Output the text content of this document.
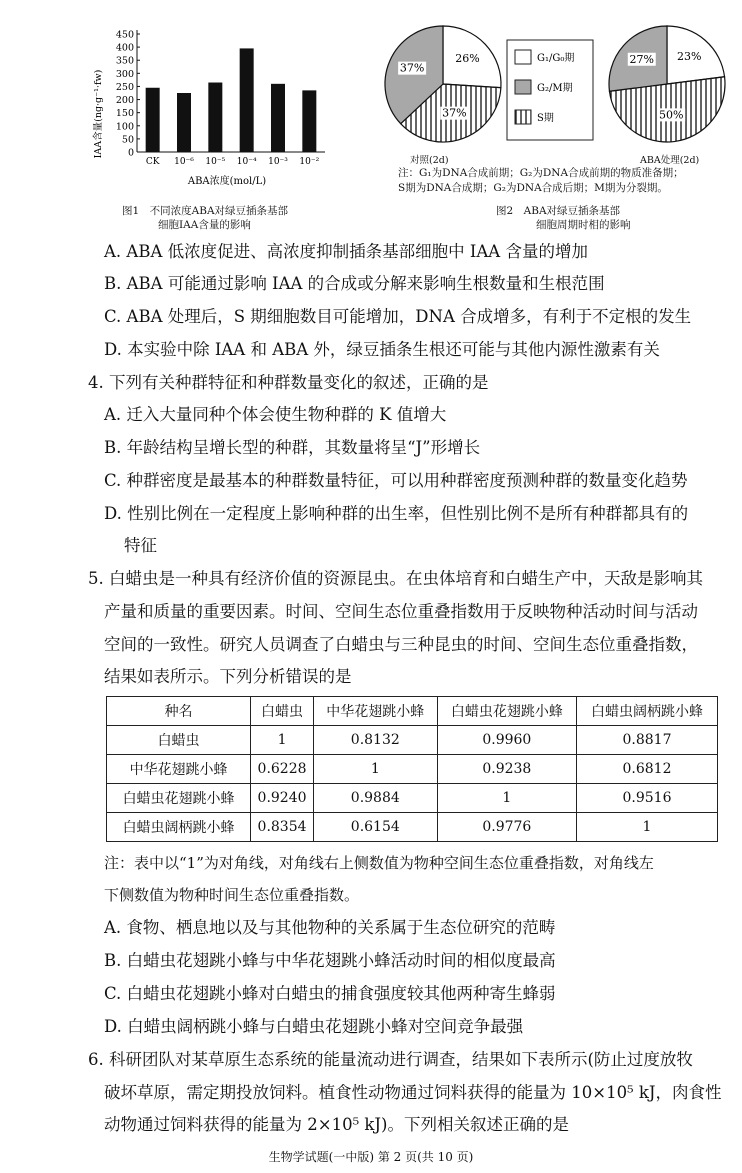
0
50
100
150
200
250
300
350
400
450
CK 10⁻⁶ 10⁻⁵ 10⁻⁴ 10⁻³ 10⁻²
IAA含量(ng·g⁻¹·fw)
ABA浓度(mol/L)
图1　不同浓度ABA对绿豆插条基部
细胞IAA含量的影响
26%
37%
37%
23%
50%
27%
G₁/G₀期
G₂/M期
S期
ABA处理(2d)
对照(2d)
注：G₁为DNA合成前期；G₂为DNA合成前期的物质准备期；
S期为DNA合成期；G₂为DNA合成后期；M期为分裂期。
图2　ABA对绿豆插条基部
细胞周期时相的影响
A. ABA 低浓度促进、高浓度抑制插条基部细胞中 IAA 含量的增加
B. ABA 可能通过影响 IAA 的合成或分解来影响生根数量和生根范围
C. ABA 处理后，S 期细胞数目可能增加，DNA 合成增多，有利于不定根的发生
D. 本实验中除 IAA 和 ABA 外，绿豆插条生根还可能与其他内源性激素有关
4. 下列有关种群特征和种群数量变化的叙述，正确的是
A. 迁入大量同种个体会使生物种群的 K 值增大
B. 年龄结构呈增长型的种群，其数量将呈“J”形增长
C. 种群密度是最基本的种群数量特征，可以用种群密度预测种群的数量变化趋势
D. 性别比例在一定程度上影响种群的出生率，但性别比例不是所有种群都具有的
特征
5. 白蜡虫是一种具有经济价值的资源昆虫。在虫体培育和白蜡生产中，天敌是影响其
产量和质量的重要因素。时间、空间生态位重叠指数用于反映物种活动时间与活动
空间的一致性。研究人员调查了白蜡虫与三种昆虫的时间、空间生态位重叠指数，
结果如表所示。下列分析错误的是
种名	白蜡虫	中华花翅跳小蜂	白蜡虫花翅跳小蜂	白蜡虫阔柄跳小蜂
白蜡虫	1	0.8132	0.9960	0.8817
中华花翅跳小蜂	0.6228	1	0.9238	0.6812
白蜡虫花翅跳小蜂	0.9240	0.9884	1	0.9516
白蜡虫阔柄跳小蜂	0.8354	0.6154	0.9776	1
注：表中以“1”为对角线，对角线右上侧数值为物种空间生态位重叠指数，对角线左
下侧数值为物种时间生态位重叠指数。
A. 食物、栖息地以及与其他物种的关系属于生态位研究的范畴
B. 白蜡虫花翅跳小蜂与中华花翅跳小蜂活动时间的相似度最高
C. 白蜡虫花翅跳小蜂对白蜡虫的捕食强度较其他两种寄生蜂弱
D. 白蜡虫阔柄跳小蜂与白蜡虫花翅跳小蜂对空间竞争最强
6. 科研团队对某草原生态系统的能量流动进行调查，结果如下表所示(防止过度放牧
破坏草原，需定期投放饲料。植食性动物通过饲料获得的能量为 10×10⁵ kJ，肉食性
动物通过饲料获得的能量为 2×10⁵ kJ)。下列相关叙述正确的是
生物学试题(一中版) 第 2 页(共 10 页)
